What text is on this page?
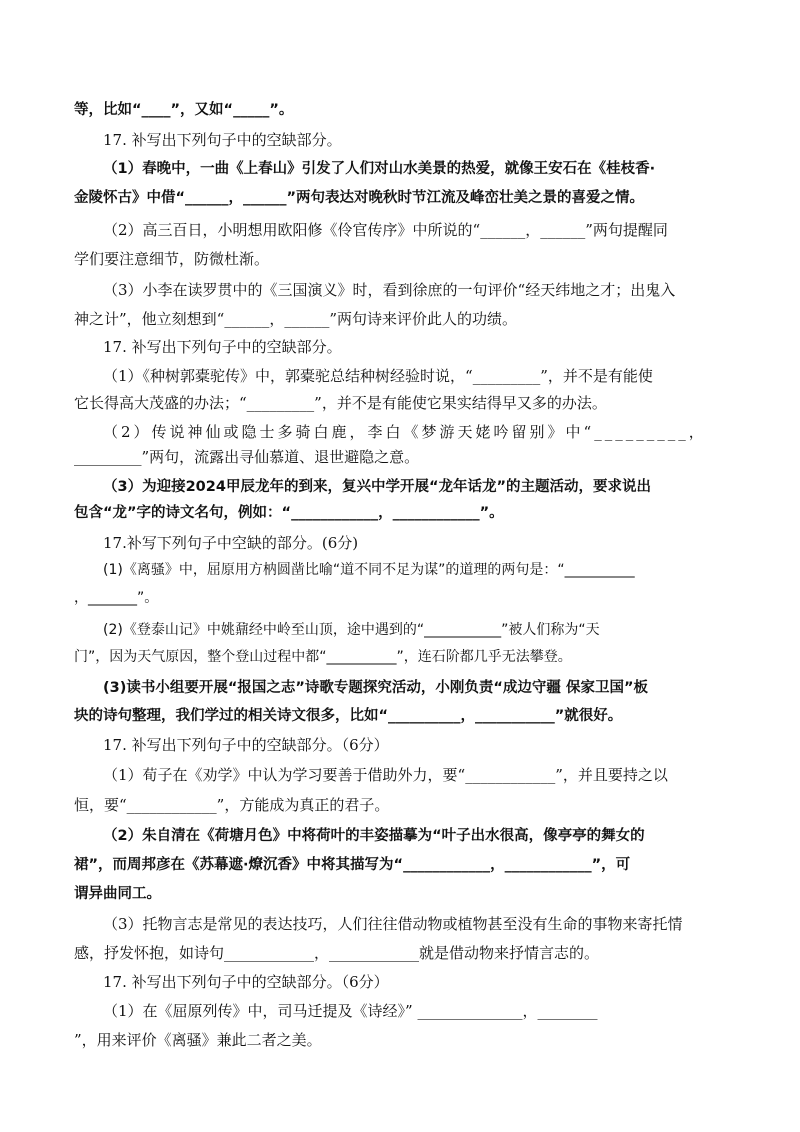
等，比如“____”，又如“_____”。
17. 补写出下列句子中的空缺部分。
（1）春晚中，一曲《上春山》引发了人们对山水美景的热爱，就像王安石在《桂枝香·
金陵怀古》中借“______，______”两句表达对晚秋时节江流及峰峦壮美之景的喜爱之情。
（2）高三百日，小明想用欧阳修《伶官传序》中所说的“______，______”两句提醒同
学们要注意细节，防微杜渐。
（3）小李在读罗贯中的《三国演义》时，看到徐庶的一句评价“经天纬地之才；出鬼入
神之计”，他立刻想到“______，______”两句诗来评价此人的功绩。
17. 补写出下列句子中的空缺部分。
（1）《种树郭橐驼传》中，郭橐驼总结种树经验时说，“_________”，并不是有能使
它长得高大茂盛的办法；“_________”，并不是有能使它果实结得早又多的办法。
（2）传说神仙或隐士多骑白鹿，李白《梦游天姥吟留别》中“_________，
_________”两句，流露出寻仙慕道、退世避隐之意。
（3）为迎接2024甲辰龙年的到来，复兴中学开展“龙年话龙”的主题活动，要求说出
包含“龙”字的诗文名句，例如：“____________，____________”。
17.补写下列句子中空缺的部分。(6分)
(1)《离骚》中，屈原用方枘圆凿比喻“道不同不足为谋”的道理的两句是：“__________
，_______”。
(2)《登泰山记》中姚鼐经中岭至山顶，途中遇到的“___________”被人们称为“天
门”，因为天气原因，整个登山过程中都“__________”，连石阶都几乎无法攀登。
(3)读书小组要开展“报国之志”诗歌专题探究活动，小刚负责“成边守疆 保家卫国”板
块的诗句整理，我们学过的相关诗文很多，比如“__________，___________”就很好。
17. 补写出下列句子中的空缺部分。（6分）
（1）荀子在《劝学》中认为学习要善于借助外力，要“____________”，并且要持之以
恒，要“____________”，方能成为真正的君子。
（2）朱自清在《荷塘月色》中将荷叶的丰姿描摹为“叶子出水很高，像亭亭的舞女的
裙”，而周邦彦在《苏幕遮·燎沉香》中将其描写为“____________，____________”，可
谓异曲同工。
（3）托物言志是常见的表达技巧，人们往往借动物或植物甚至没有生命的事物来寄托情
感，抒发怀抱，如诗句____________，____________就是借动物来抒情言志的。
17. 补写出下列句子中的空缺部分。（6分）
（1）在《屈原列传》中，司马迁提及《诗经》” ______________，________
”，用来评价《离骚》兼此二者之美。
